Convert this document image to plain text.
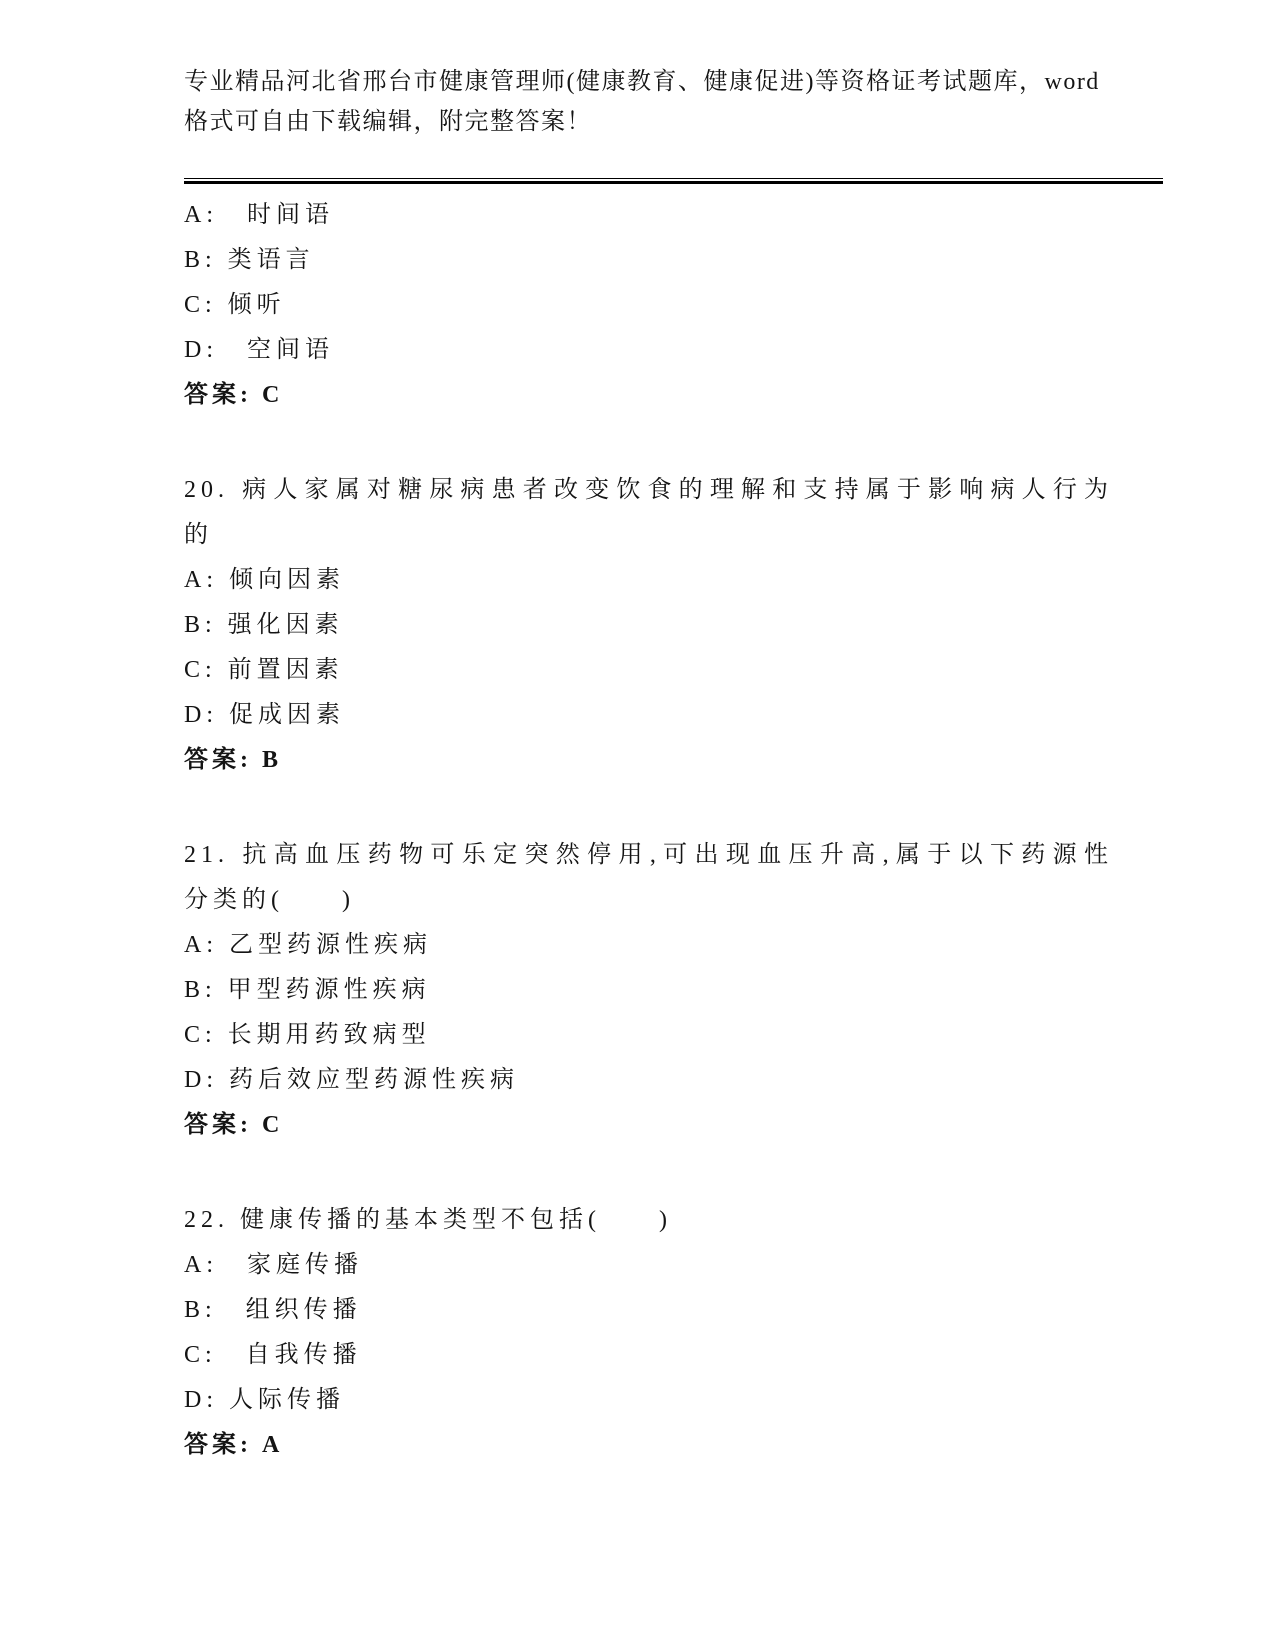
专业精品河北省邢台市健康管理师(健康教育、健康促进)等资格证考试题库，word
格式可自由下载编辑，附完整答案！
A:　时间语
B: 类语言
C: 倾听
D:　空间语
答案: C
20. 病人家属对糖尿病患者改变饮食的理解和支持属于影响病人行为
的
A: 倾向因素
B: 强化因素
C: 前置因素
D: 促成因素
答案: B
21. 抗高血压药物可乐定突然停用,可出现血压升高,属于以下药源性
分类的(　　)
A: 乙型药源性疾病
B: 甲型药源性疾病
C: 长期用药致病型
D: 药后效应型药源性疾病
答案: C
22. 健康传播的基本类型不包括(　　)
A:　家庭传播
B:　组织传播
C:　自我传播
D: 人际传播
答案: A
